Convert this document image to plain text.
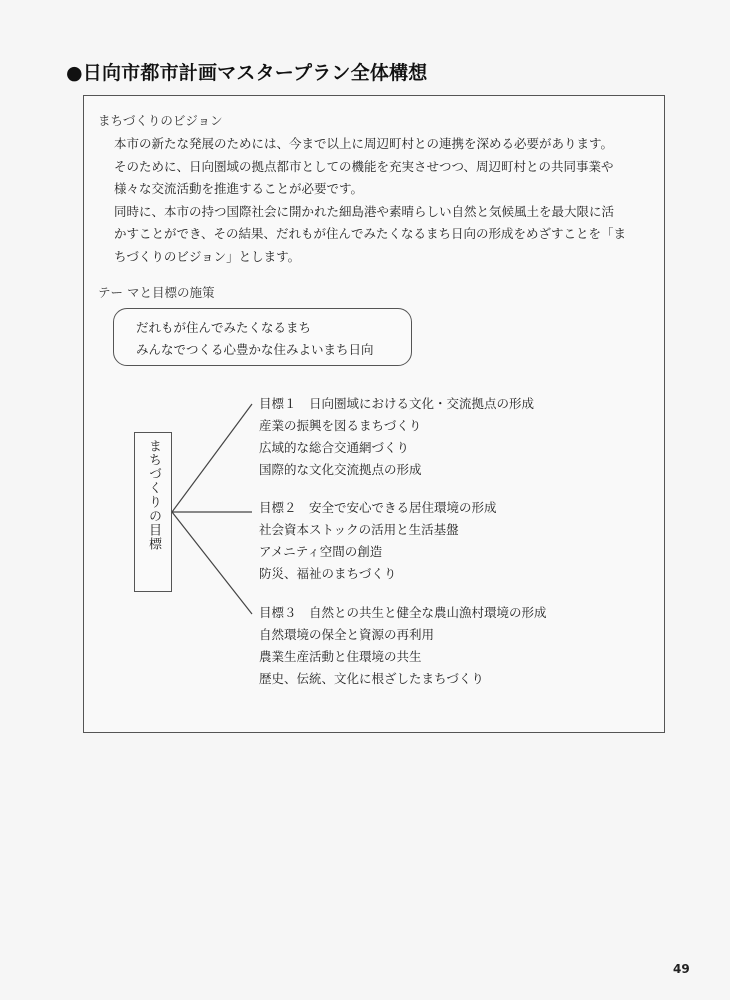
●日向市都市計画マスタープラン全体構想
まちづくりのビジョン

本市の新たな発展のためには、今まで以上に周辺町村との連携を深める必要があります。

そのために、日向圏域の拠点都市としての機能を充実させつつ、周辺町村との共同事業や

様々な交流活動を推進することが必要です。

同時に、本市の持つ国際社会に開かれた細島港や素晴らしい自然と気候風土を最大限に活

かすことができ、その結果、だれもが住んでみたくなるまち日向の形成をめざすことを「ま

ちづくりのビジョン」とします。

テー マと目標の施策
だれもが住んでみたくなるまち
みんなでつくる心豊かな住みよいまち日向
まちづくりの目標
目標１　日向圏域における文化・交流拠点の形成
産業の振興を図るまちづくり
広域的な総合交通網づくり
国際的な文化交流拠点の形成
目標２　安全で安心できる居住環境の形成
社会資本ストックの活用と生活基盤
アメニティ空間の創造
防災、福祉のまちづくり
目標３　自然との共生と健全な農山漁村環境の形成
自然環境の保全と資源の再利用
農業生産活動と住環境の共生
歴史、伝統、文化に根ざしたまちづくり
49
